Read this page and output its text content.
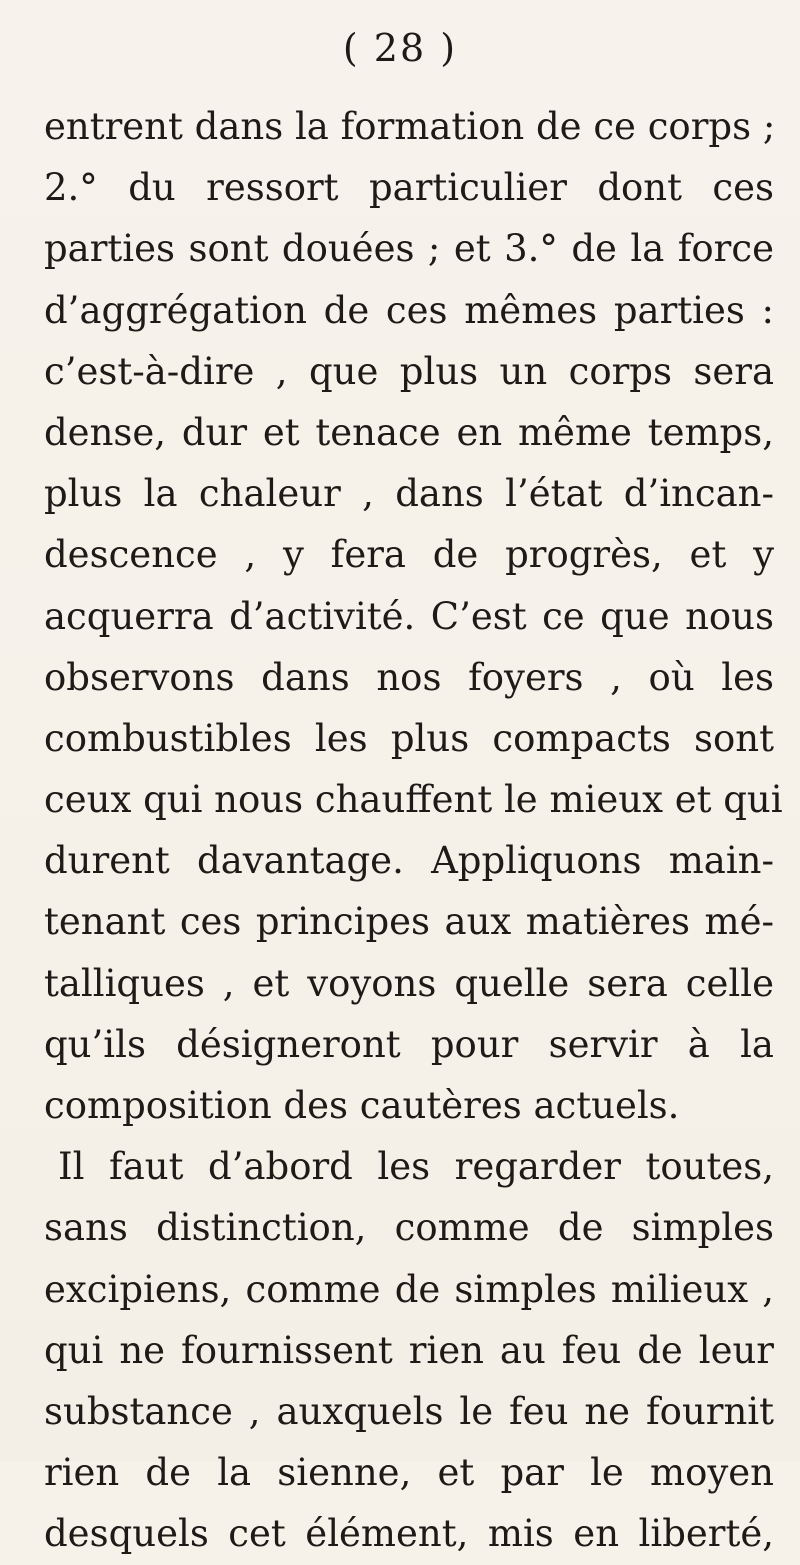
( 28 )
entrent dans la formation de ce corps ;
2.° du ressort particulier dont ces
parties sont douées ; et 3.° de la force
d’aggrégation de ces mêmes parties :
c’est-à-dire , que plus un corps sera
dense, dur et tenace en même temps,
plus la chaleur , dans l’état d’incan-
descence , y fera de progrès, et y
acquerra d’activité. C’est ce que nous
observons dans nos foyers , où les
combustibles les plus compacts sont
ceux qui nous chauffent le mieux et qui
durent davantage. Appliquons main-
tenant ces principes aux matières mé-
talliques , et voyons quelle sera celle
qu’ils désigneront pour servir à la
composition des cautères actuels.
Il faut d’abord les regarder toutes,
sans distinction, comme de simples
excipiens, comme de simples milieux ,
qui ne fournissent rien au feu de leur
substance , auxquels le feu ne fournit
rien de la sienne, et par le moyen
desquels cet élément, mis en liberté,
